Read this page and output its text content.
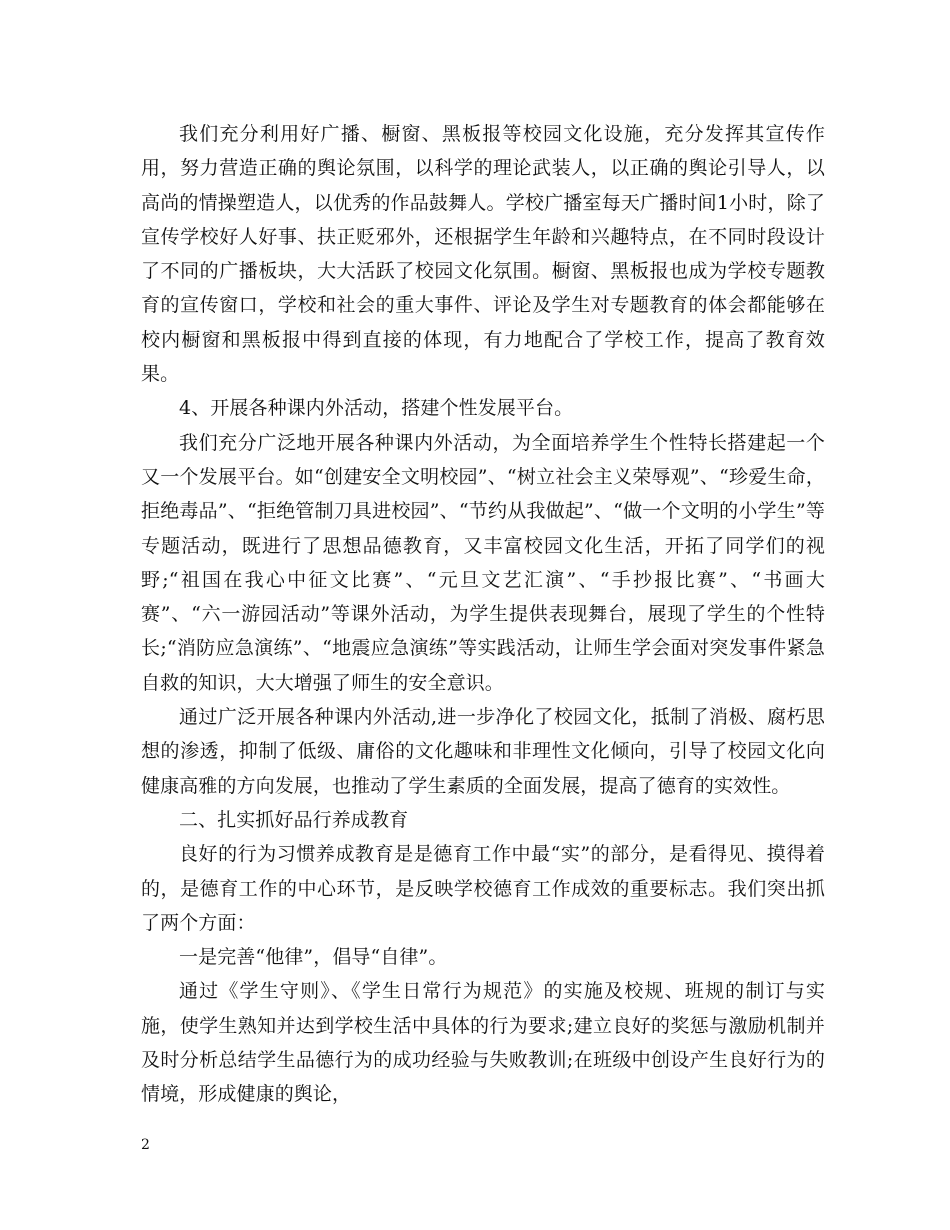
我们充分利用好广播、橱窗、黑板报等校园文化设施，充分发挥其宣传作用，努力营造正确的舆论氛围，以科学的理论武装人，以正确的舆论引导人，以高尚的情操塑造人，以优秀的作品鼓舞人。学校广播室每天广播时间1小时，除了宣传学校好人好事、扶正贬邪外，还根据学生年龄和兴趣特点，在不同时段设计了不同的广播板块，大大活跃了校园文化氛围。橱窗、黑板报也成为学校专题教育的宣传窗口，学校和社会的重大事件、评论及学生对专题教育的体会都能够在校内橱窗和黑板报中得到直接的体现，有力地配合了学校工作，提高了教育效果。

4、开展各种课内外活动，搭建个性发展平台。

我们充分广泛地开展各种课内外活动，为全面培养学生个性特长搭建起一个又一个发展平台。如“创建安全文明校园”、“树立社会主义荣辱观”、“珍爱生命，拒绝毒品”、“拒绝管制刀具进校园”、“节约从我做起”、“做一个文明的小学生”等专题活动，既进行了思想品德教育，又丰富校园文化生活，开拓了同学们的视野;“祖国在我心中征文比赛”、“元旦文艺汇演”、“手抄报比赛”、“书画大赛”、“六一游园活动”等课外活动，为学生提供表现舞台，展现了学生的个性特长;“消防应急演练”、“地震应急演练”等实践活动，让师生学会面对突发事件紧急自救的知识，大大增强了师生的安全意识。

通过广泛开展各种课内外活动,进一步净化了校园文化，抵制了消极、腐朽思想的渗透，抑制了低级、庸俗的文化趣味和非理性文化倾向，引导了校园文化向健康高雅的方向发展，也推动了学生素质的全面发展，提高了德育的实效性。

二、扎实抓好品行养成教育

良好的行为习惯养成教育是是德育工作中最“实”的部分，是看得见、摸得着的，是德育工作的中心环节，是反映学校德育工作成效的重要标志。我们突出抓了两个方面：

一是完善“他律”，倡导“自律”。

通过《学生守则》、《学生日常行为规范》的实施及校规、班规的制订与实施，使学生熟知并达到学校生活中具体的行为要求;建立良好的奖惩与激励机制并及时分析总结学生品德行为的成功经验与失败教训;在班级中创设产生良好行为的情境，形成健康的舆论，

2
